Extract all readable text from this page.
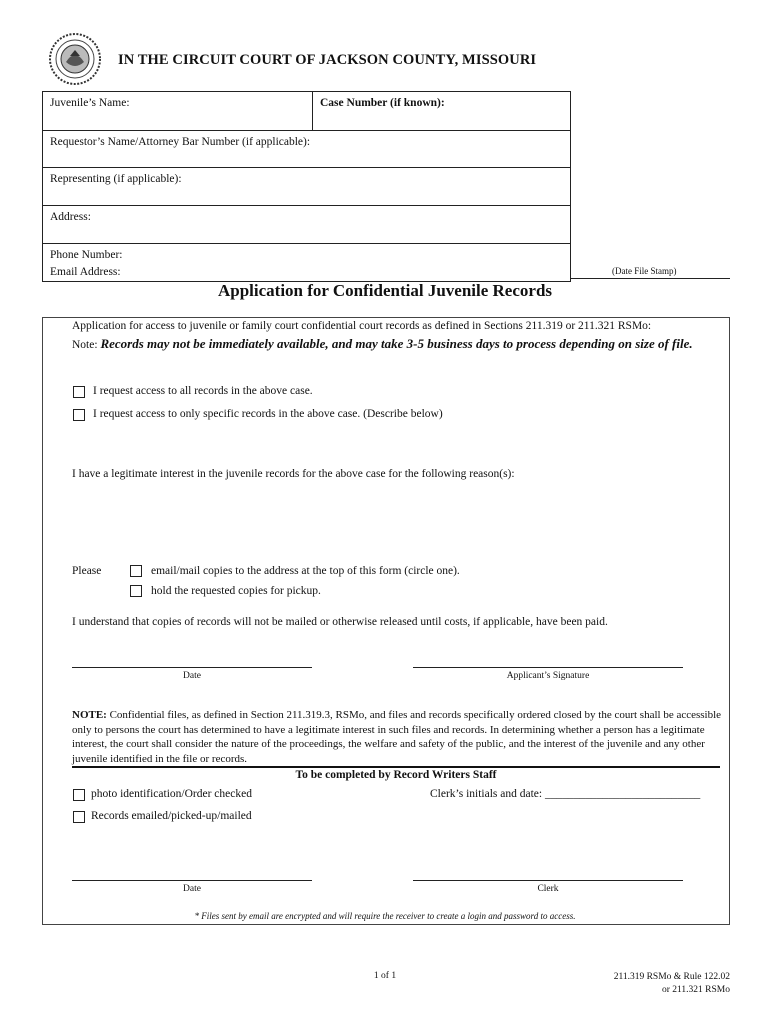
IN THE CIRCUIT COURT OF JACKSON COUNTY, MISSOURI
Juvenile’s Name:	Case Number (if known):
Requestor’s Name/Attorney Bar Number (if applicable):
Representing (if applicable):
Address:

Phone Number:
Email Address:	(Date File Stamp)
Application for Confidential Juvenile Records
Application for access to juvenile or family court confidential court records as defined in Sections 211.319 or 211.321 RSMo:
Note: Records may not be immediately available, and may take 3-5 business days to process depending on size of file.
I request access to all records in the above case.
I request access to only specific records in the above case. (Describe below)
I have a legitimate interest in the juvenile records for the above case for the following reason(s):
Please	email/mail copies to the address at the top of this form (circle one).
hold the requested copies for pickup.
I understand that copies of records will not be mailed or otherwise released until costs, if applicable, have been paid.
Date	Applicant’s Signature
NOTE: Confidential files, as defined in Section 211.319.3, RSMo, and files and records specifically ordered closed by the court shall be accessible only to persons the court has determined to have a legitimate interest in such files and records. In determining whether a person has a legitimate interest, the court shall consider the nature of the proceedings, the welfare and safety of the public, and the interest of the juvenile and any other juvenile identified in the file or records.
To be completed by Record Writers Staff
photo identification/Order checked	Clerk’s initials and date: ___________________________
Records emailed/picked-up/mailed
Date	Clerk
* Files sent by email are encrypted and will require the receiver to create a login and password to access.
1 of 1	211.319 RSMo & Rule 122.02
or 211.321 RSMo
